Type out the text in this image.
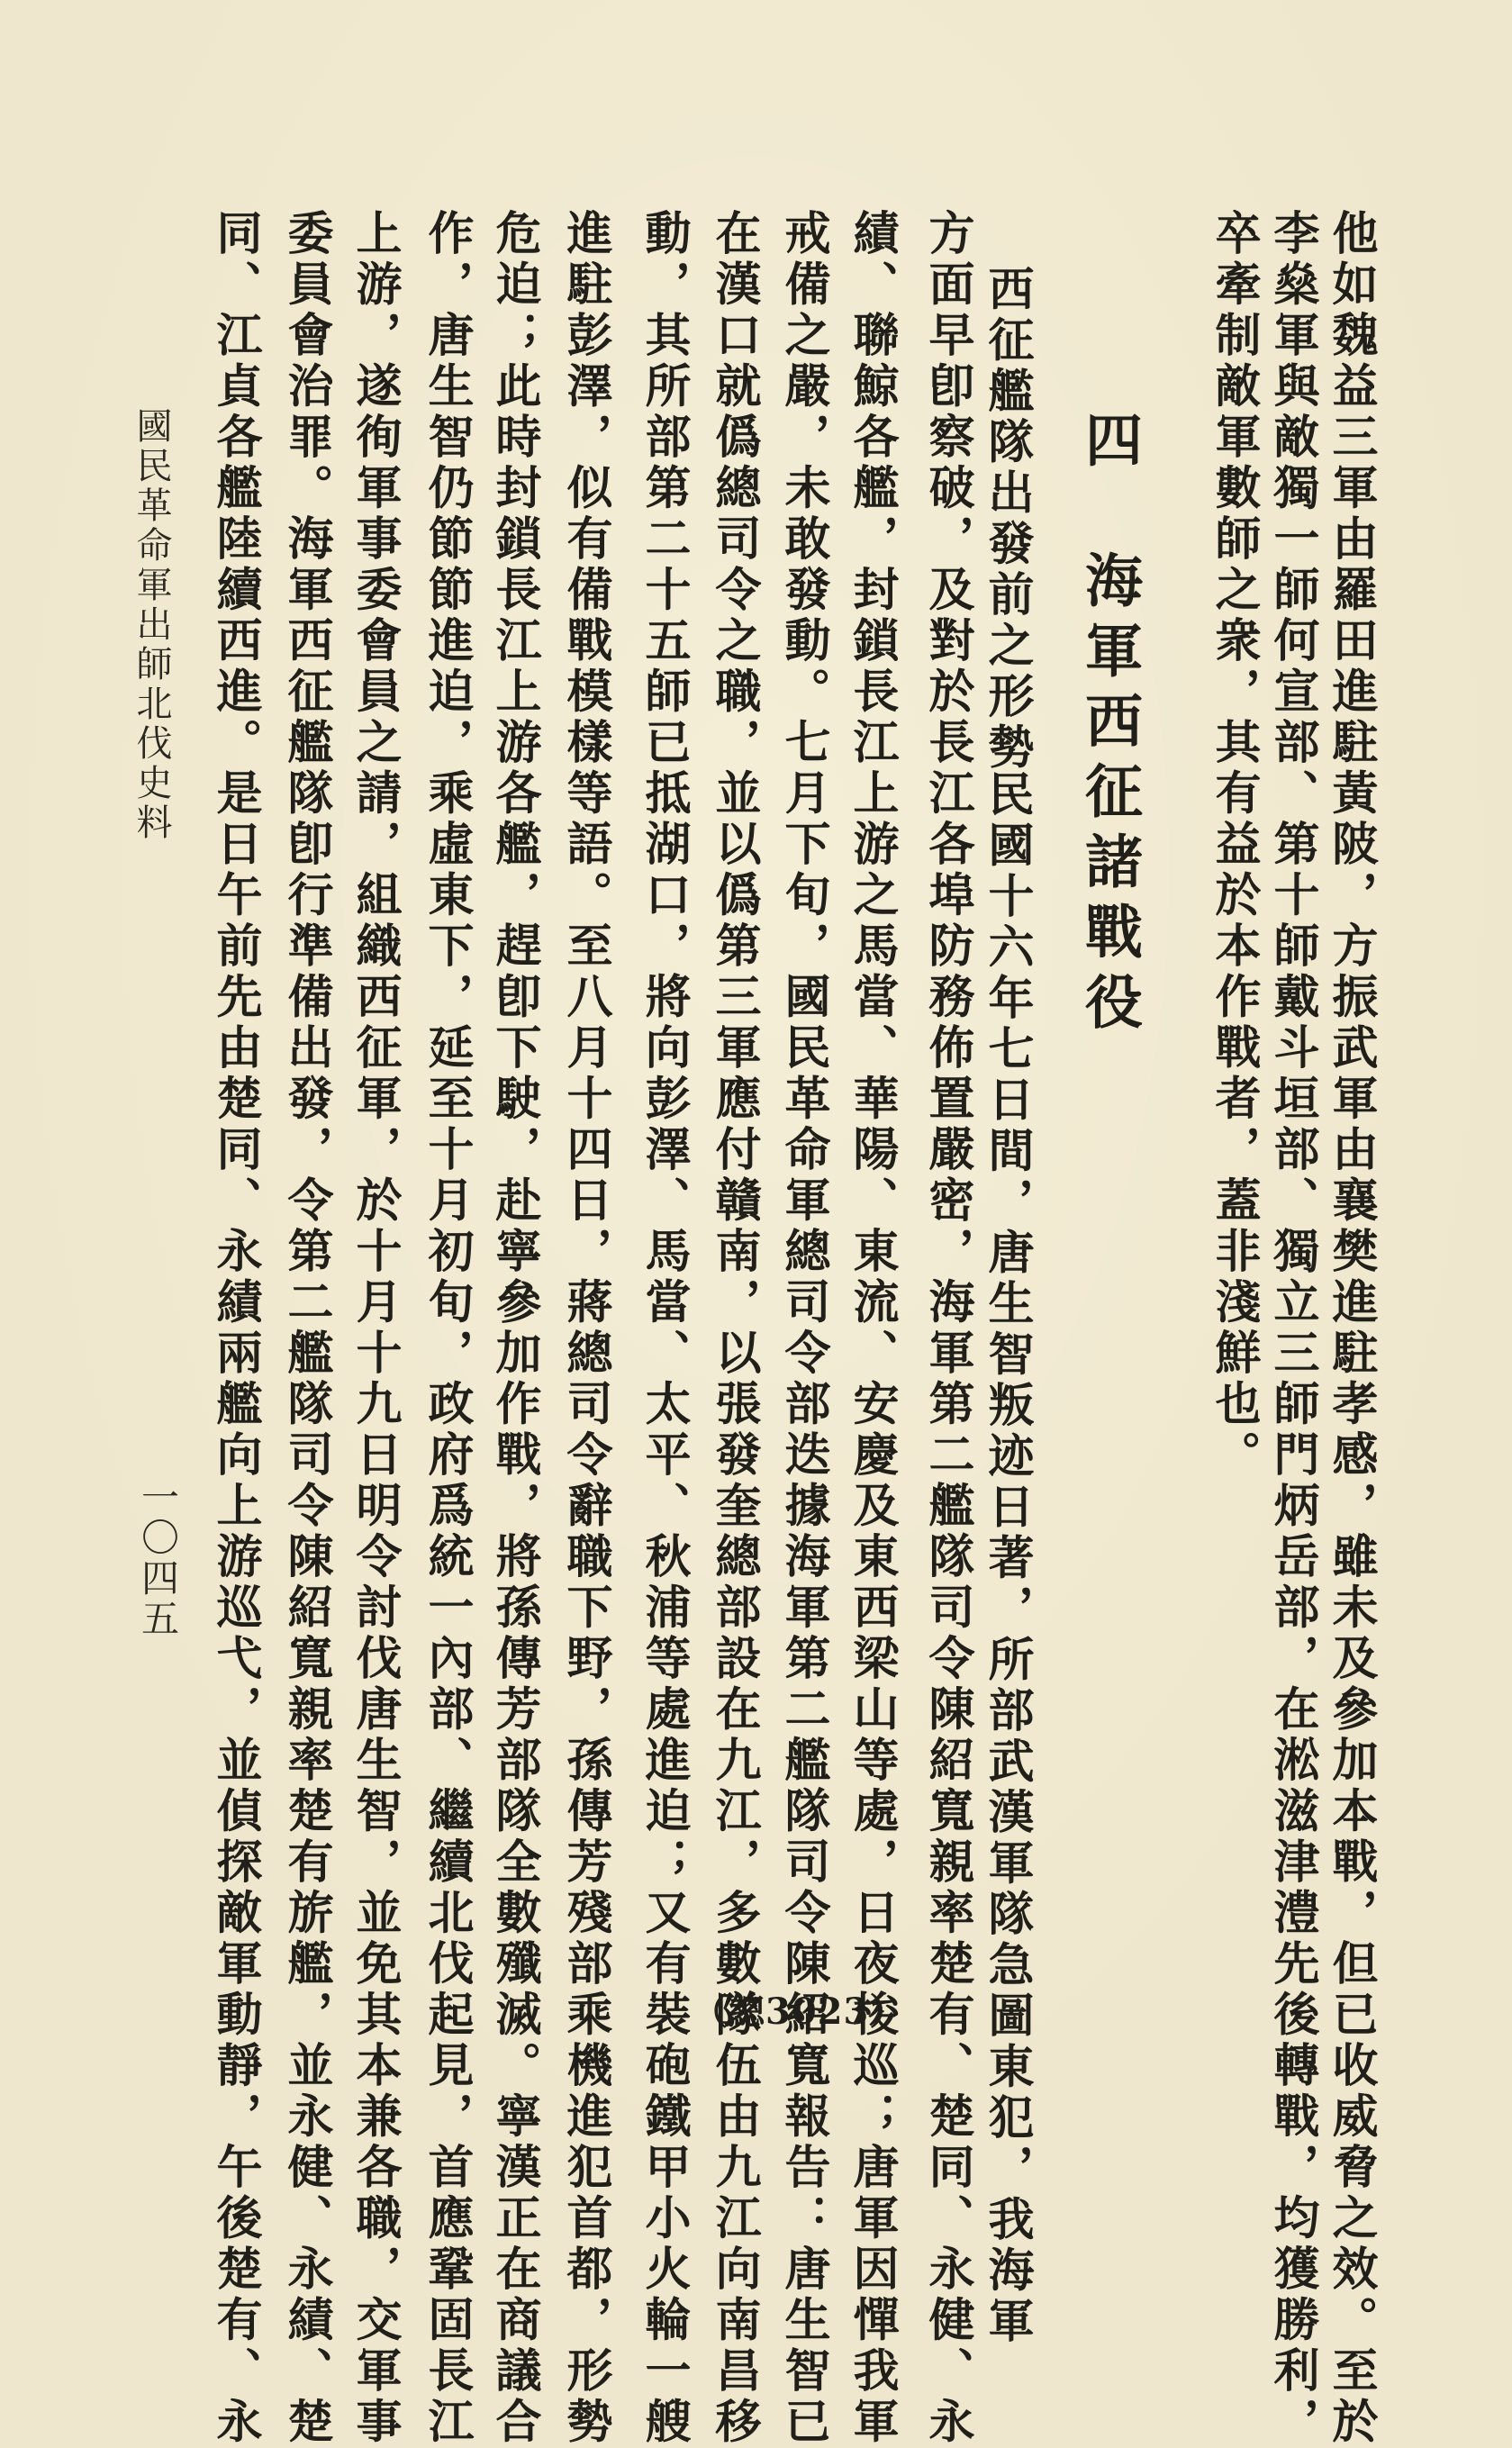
他如魏益三軍由羅田進駐黃陂，方振武軍由襄樊進駐孝感，雖未及參加本戰，但已收威脅之效。至於
李燊軍與敵獨一師何宣部、第十師戴斗垣部、獨立三師門炳岳部，在淞滋津澧先後轉戰，均獲勝利，
卒牽制敵軍數師之衆，其有益於本作戰者，蓋非淺鮮也。
四　海軍西征諸戰役
西征艦隊出發前之形勢
民國十六年七日間，唐生智叛迹日著，所部武漢軍隊急圖東犯，我海軍
方面早卽察破，及對於長江各埠防務佈置嚴密，海軍第二艦隊司令陳紹寬親率楚有、楚同、永健、永
績、聯鯨各艦，封鎖長江上游之馬當、華陽、東流、安慶及東西梁山等處，日夜梭巡；唐軍因憚我軍
戒備之嚴，未敢發動。七月下旬，國民革命軍總司令部迭據海軍第二艦隊司令陳紹寬報告：唐生智已
在漢口就僞總司令之職，並以僞第三軍應付贛南，以張發奎總部設在九江，多數隊伍由九江向南昌移
動，其所部第二十五師已抵湖口，將向彭澤、馬當、太平、秋浦等處進迫；又有裝砲鐵甲小火輪一艘
進駐彭澤，似有備戰模樣等語。至八月十四日，蔣總司令辭職下野，孫傳芳殘部乘機進犯首都，形勢
危迫；此時封鎖長江上游各艦，趕卽下駛，赴寧參加作戰，將孫傳芳部隊全數殲滅。寧漢正在商議合
作，唐生智仍節節進迫，乘虛東下，延至十月初旬，政府爲統一內部、繼續北伐起見，首應鞏固長江
上游，遂徇軍事委會員之請，組織西征軍，於十月十九日明令討伐唐生智，並免其本兼各職，交軍事
委員會治罪。海軍西征艦隊卽行準備出發，令第二艦隊司令陳紹寬親率楚有旂艦，並永健、永績、楚
同、江貞各艦陸續西進。是日午前先由楚同、永績兩艦向上游巡弋，並偵探敵軍動靜，午後楚有、永
國民革命軍出師北伐史料
一〇四五
（總3023）
